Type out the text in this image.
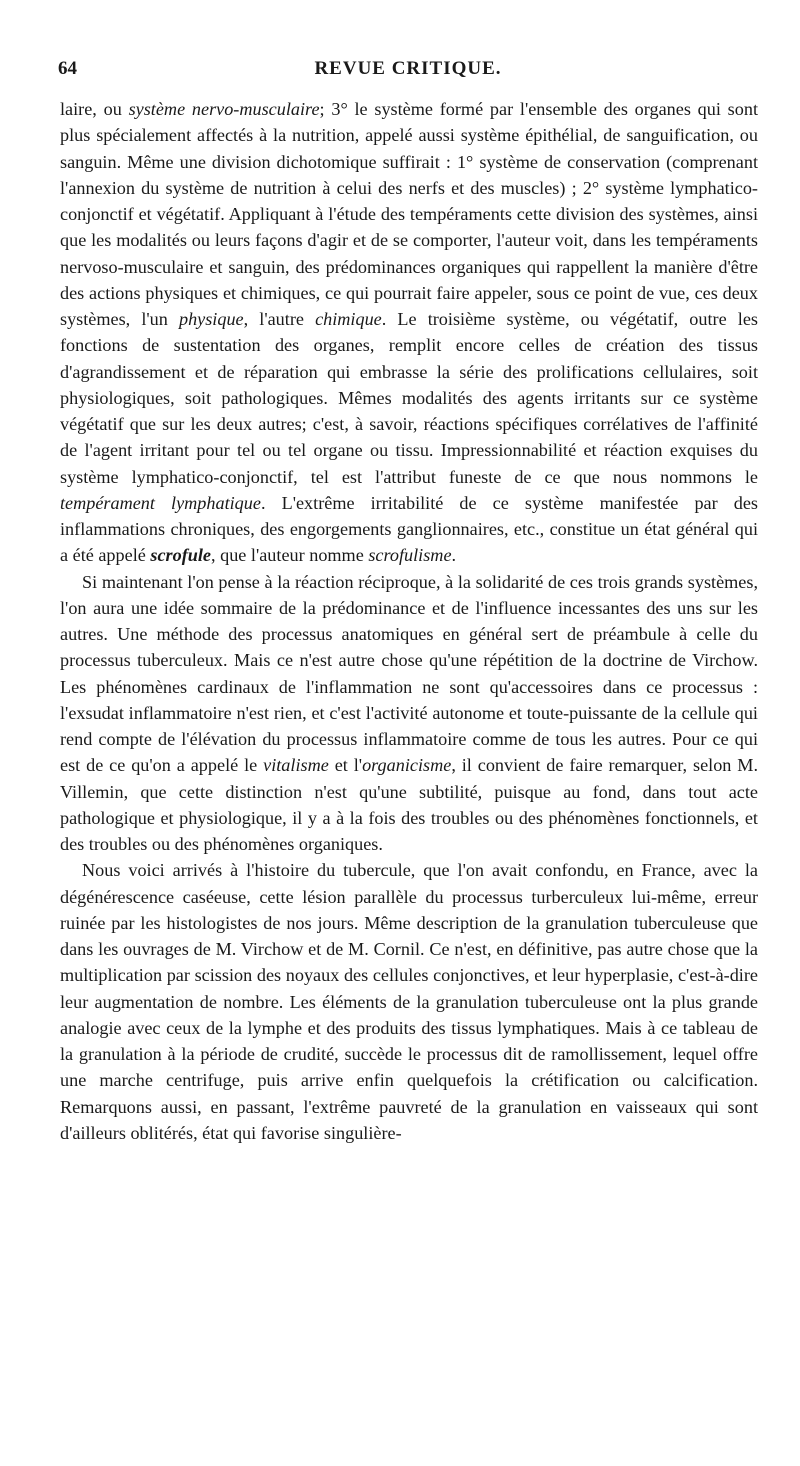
64	REVUE CRITIQUE.

laire, ou système nervo-musculaire; 3° le système formé par l'ensemble des organes qui sont plus spécialement affectés à la nutrition, appelé aussi système épithélial, de sanguification, ou sanguin. Même une division dichotomique suffirait : 1° système de conservation (comprenant l'annexion du système de nutrition à celui des nerfs et des muscles) ; 2° système lymphatico-conjonctif et végétatif. Appliquant à l'étude des tempéraments cette division des systèmes, ainsi que les modalités ou leurs façons d'agir et de se comporter, l'auteur voit, dans les tempéraments nervoso-musculaire et sanguin, des prédominances organiques qui rappellent la manière d'être des actions physiques et chimiques, ce qui pourrait faire appeler, sous ce point de vue, ces deux systèmes, l'un physique, l'autre chimique. Le troisième système, ou végétatif, outre les fonctions de sustentation des organes, remplit encore celles de création des tissus d'agrandissement et de réparation qui embrasse la série des prolifications cellulaires, soit physiologiques, soit pathologiques. Mêmes modalités des agents irritants sur ce système végétatif que sur les deux autres; c'est, à savoir, réactions spécifiques corrélatives de l'affinité de l'agent irritant pour tel ou tel organe ou tissu. Impressionnabilité et réaction exquises du système lymphatico-conjonctif, tel est l'attribut funeste de ce que nous nommons le tempérament lymphatique. L'extrême irritabilité de ce système manifestée par des inflammations chroniques, des engorgements ganglionnaires, etc., constitue un état général qui a été appelé scrofule, que l'auteur nomme scrofulisme.

Si maintenant l'on pense à la réaction réciproque, à la solidarité de ces trois grands systèmes, l'on aura une idée sommaire de la prédominance et de l'influence incessantes des uns sur les autres. Une méthode des processus anatomiques en général sert de préambule à celle du processus tuberculeux. Mais ce n'est autre chose qu'une répétition de la doctrine de Virchow. Les phénomènes cardinaux de l'inflammation ne sont qu'accessoires dans ce processus : l'exsudat inflammatoire n'est rien, et c'est l'activité autonome et toute-puissante de la cellule qui rend compte de l'élévation du processus inflammatoire comme de tous les autres. Pour ce qui est de ce qu'on a appelé le vitalisme et l'organicisme, il convient de faire remarquer, selon M. Villemin, que cette distinction n'est qu'une subtilité, puisque au fond, dans tout acte pathologique et physiologique, il y a à la fois des troubles ou des phénomènes fonctionnels, et des troubles ou des phénomènes organiques.

Nous voici arrivés à l'histoire du tubercule, que l'on avait confondu, en France, avec la dégénérescence caséeuse, cette lésion parallèle du processus turberculeux lui-même, erreur ruinée par les histologistes de nos jours. Même description de la granulation tuberculeuse que dans les ouvrages de M. Virchow et de M. Cornil. Ce n'est, en définitive, pas autre chose que la multiplication par scission des noyaux des cellules conjonctives, et leur hyperplasie, c'est-à-dire leur augmentation de nombre. Les éléments de la granulation tuberculeuse ont la plus grande analogie avec ceux de la lymphe et des produits des tissus lymphatiques. Mais à ce tableau de la granulation à la période de crudité, succède le processus dit de ramollissement, lequel offre une marche centrifuge, puis arrive enfin quelquefois la crétification ou calcification. Remarquons aussi, en passant, l'extrême pauvreté de la granulation en vaisseaux qui sont d'ailleurs oblitérés, état qui favorise singulière-
